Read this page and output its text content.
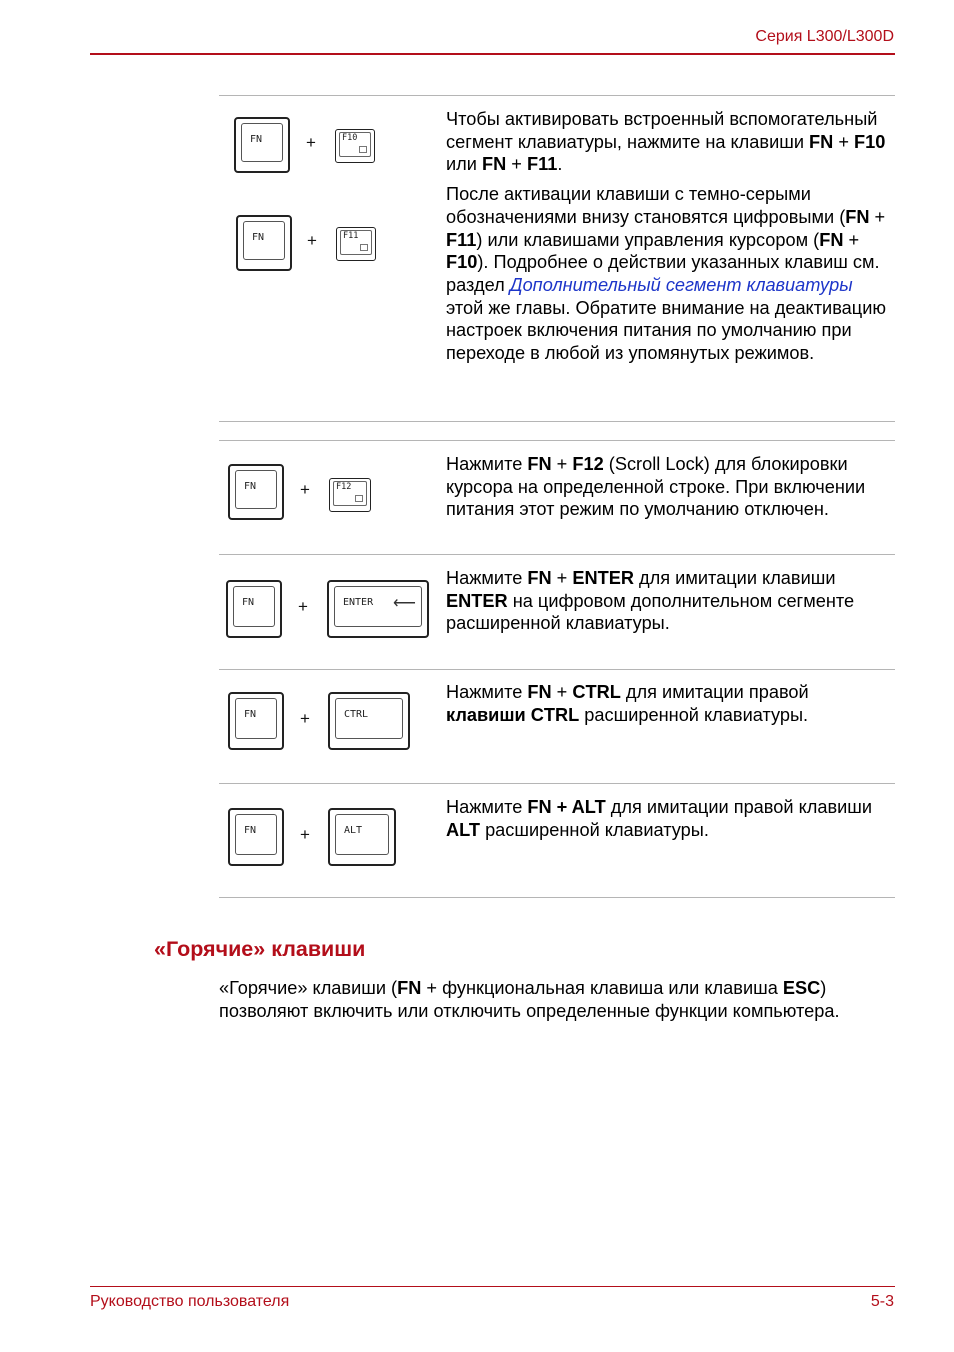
Серия L300/L300D
FN	+	F10
FN	+	F11

Чтобы активировать встроенный вспомогательный сегмент клавиатуры, нажмите на клавиши FN + F10 или FN + F11.

После активации клавиши с темно-серыми обозначениями внизу становятся цифровыми (FN + F11) или клавишами управления курсором (FN + F10). Подробнее о действии указанных клавиш см. раздел Дополнительный сегмент клавиатуры этой же главы. Обратите внимание на деактивацию настроек включения питания по умолчанию при переходе в любой из упомянутых режимов.

FN	+	F12

Нажмите FN + F12 (Scroll Lock) для блокировки курсора на определенной строке. При включении питания этот режим по умолчанию отключен.

FN	+	ENTER ⟵

Нажмите FN + ENTER для имитации клавиши ENTER на цифровом дополнительном сегменте расширенной клавиатуры.

FN	+	CTRL

Нажмите FN + CTRL для имитации правой клавиши CTRL расширенной клавиатуры.

FN	+	ALT

Нажмите FN + ALT для имитации правой клавиши ALT расширенной клавиатуры.

«Горячие» клавиши

«Горячие» клавиши (FN + функциональная клавиша или клавиша ESC) позволяют включить или отключить определенные функции компьютера.

Руководство пользователя	5-3
